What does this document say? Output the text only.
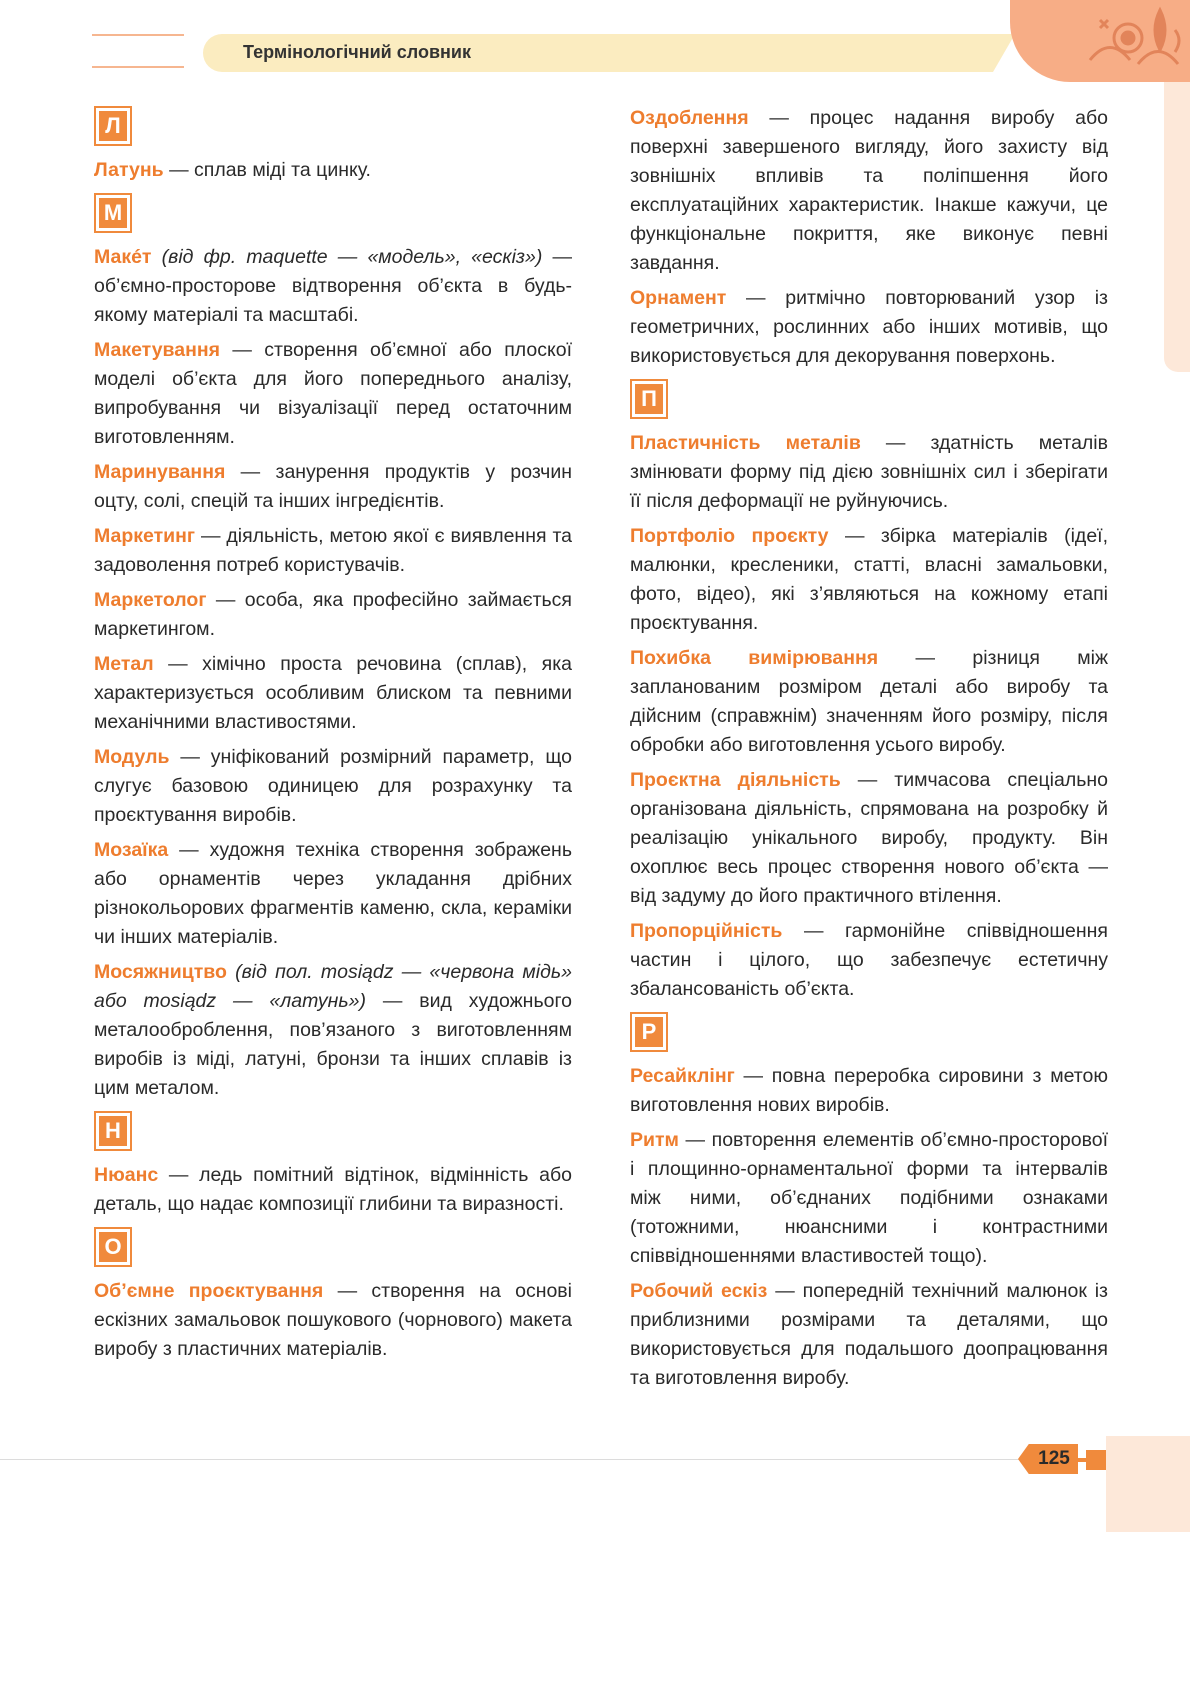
Термінологічний словник
Л

Латунь — сплав міді та цинку.

М

Макéт (від фр. maquette — «модель», «ескіз») — об’ємно-просторове відтворення об’єкта в будь-якому матеріалі та масштабі.

Макетування — створення об’ємної або плоскої моделі об’єкта для його попереднього аналізу, випробування чи візуалізації перед остаточним виготовленням.

Маринування — занурення продуктів у розчин оцту, солі, спецій та інших інгредієнтів.

Маркетинг — діяльність, метою якої є виявлення та задоволення потреб користувачів.

Маркетолог — особа, яка професійно займається маркетингом.

Метал — хімічно проста речовина (сплав), яка характеризується особливим блиском та певними механічними властивостями.

Модуль — уніфікований розмірний параметр, що слугує базовою одиницею для розрахунку та проєктування виробів.

Мозаїка — художня техніка створення зображень або орнаментів через укладання дрібних різнокольорових фрагментів каменю, скла, кераміки чи інших матеріалів.

Мосяжництво (від пол. mosiądz — «червона мідь» або mosiądz — «латунь») — вид художнього металооброблення, пов’язаного з виготовленням виробів із міді, латуні, бронзи та інших сплавів із цим металом.

Н

Нюанс — ледь помітний відтінок, відмінність або деталь, що надає композиції глибини та виразності.

О

Об’ємне проєктування — створення на основі ескізних замальовок пошукового (чорнового) макета виробу з пластичних матеріалів.

Оздоблення — процес надання виробу або поверхні завершеного вигляду, його захисту від зовнішніх впливів та поліпшення його експлуатаційних характеристик. Інакше кажучи, це функціональне покриття, яке виконує певні завдання.

Орнамент — ритмічно повторюваний узор із геометричних, рослинних або інших мотивів, що використовується для декорування поверхонь.

П

Пластичність металів — здатність металів змінювати форму під дією зовнішніх сил і зберігати її після деформації не руйнуючись.

Портфоліо проєкту — збірка матеріалів (ідеї, малюнки, кресленики, статті, власні замальовки, фото, відео), які з’являються на кожному етапі проєктування.

Похибка вимірювання — різниця між запланованим розміром деталі або виробу та дійсним (справжнім) значенням його розміру, після обробки або виготовлення усього виробу.

Проєктна діяльність — тимчасова спеціально організована діяльність, спрямована на розробку й реалізацію унікального виробу, продукту. Він охоплює весь процес створення нового об’єкта — від задуму до його практичного втілення.

Пропорційність — гармонійне співвідношення частин і цілого, що забезпечує естетичну збалансованість об’єкта.

Р

Ресайклінг — повна переробка сировини з метою виготовлення нових виробів.

Ритм — повторення елементів об’ємно-просторової і площинно-орнаментальної форми та інтервалів між ними, об’єднаних подібними ознаками (тотожними, нюансними і контрастними співвідношеннями властивостей тощо).

Робочий ескіз — попередній технічний малюнок із приблизними розмірами та деталями, що використовується для подальшого доопрацювання та виготовлення виробу.

125
